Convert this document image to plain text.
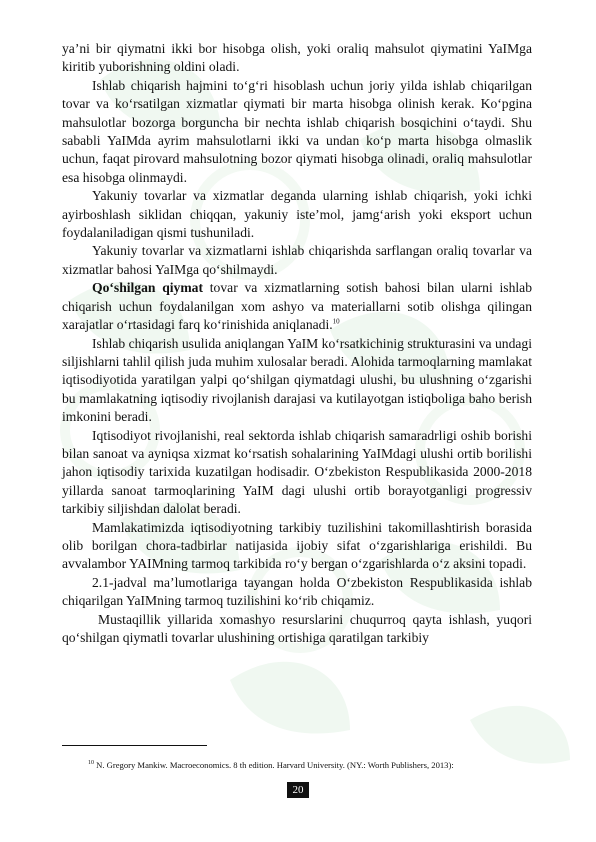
ya’ni bir qiymatni ikki bor hisobga olish, yoki oraliq mahsulot qiymatini YaIMga kiritib yuborishning oldini oladi.

Ishlab chiqarish hajmini to‘g‘ri hisoblash uchun joriy yilda ishlab chiqarilgan tovar va ko‘rsatilgan xizmatlar qiymati bir marta hisobga olinish kerak. Ko‘pgina mahsulotlar bozorga borguncha bir nechta ishlab chiqarish bosqichini o‘taydi. Shu sababli YaIMda ayrim mahsulotlarni ikki va undan ko‘p marta hisobga olmaslik uchun, faqat pirovard mahsulotning bozor qiymati hisobga olinadi, oraliq mahsulotlar esa hisobga olinmaydi.

Yakuniy tovarlar va xizmatlar deganda ularning ishlab chiqarish, yoki ichki ayirboshlash siklidan chiqqan, yakuniy iste’mol, jamg‘arish yoki eksport uchun foydalaniladigan qismi tushuniladi.

Yakuniy tovarlar va xizmatlarni ishlab chiqarishda sarflangan oraliq tovarlar va xizmatlar bahosi YaIMga qo‘shilmaydi.

Qo‘shilgan qiymat tovar va xizmatlarning sotish bahosi bilan ularni ishlab chiqarish uchun foydalanilgan xom ashyo va materiallarni sotib olishga qilingan xarajatlar o‘rtasidagi farq ko‘rinishida aniqlanadi.$^{10}$

Ishlab chiqarish usulida aniqlangan YaIM ko‘rsatkichinig strukturasini va undagi siljishlarni tahlil qilish juda muhim xulosalar beradi. Alohida tarmoqlarning mamlakat iqtisodiyotida yaratilgan yalpi qo‘shilgan qiymatdagi ulushi, bu ulushning o‘zgarishi bu mamlakatning iqtisodiy rivojlanish darajasi va kutilayotgan istiqboliga baho berish imkonini beradi.

Iqtisodiyot rivojlanishi, real sektorda ishlab chiqarish samaradrligi oshib borishi bilan sanoat va ayniqsa xizmat ko‘rsatish sohalarining YaIMdagi ulushi ortib borilishi jahon iqtisodiy tarixida kuzatilgan hodisadir. O‘zbekiston Respublikasida 2000-2018 yillarda sanoat tarmoqlarining YaIM dagi ulushi ortib borayotganligi progressiv tarkibiy siljishdan dalolat beradi.

Mamlakatimizda iqtisodiyotning tarkibiy tuzilishini takomillashtirish borasida olib borilgan chora-tadbirlar natijasida ijobiy sifat o‘zgarishlariga erishildi. Bu avvalambor YAIMning tarmoq tarkibida ro‘y bergan o‘zgarishlarda o‘z aksini topadi.

2.1-jadval ma’lumotlariga tayangan holda O‘zbekiston Respublikasida ishlab chiqarilgan YaIMning tarmoq tuzilishini ko‘rib chiqamiz.

Mustaqillik yillarida xomashyo resurslarini chuqurroq qayta ishlash, yuqori qo‘shilgan qiymatli tovarlar ulushining ortishiga qaratilgan tarkibiy

$^{10}$ N. Gregory Mankiw. Macroeconomics. 8 th edition. Harvard University. (NY.: Worth Publishers, 2013):
20
